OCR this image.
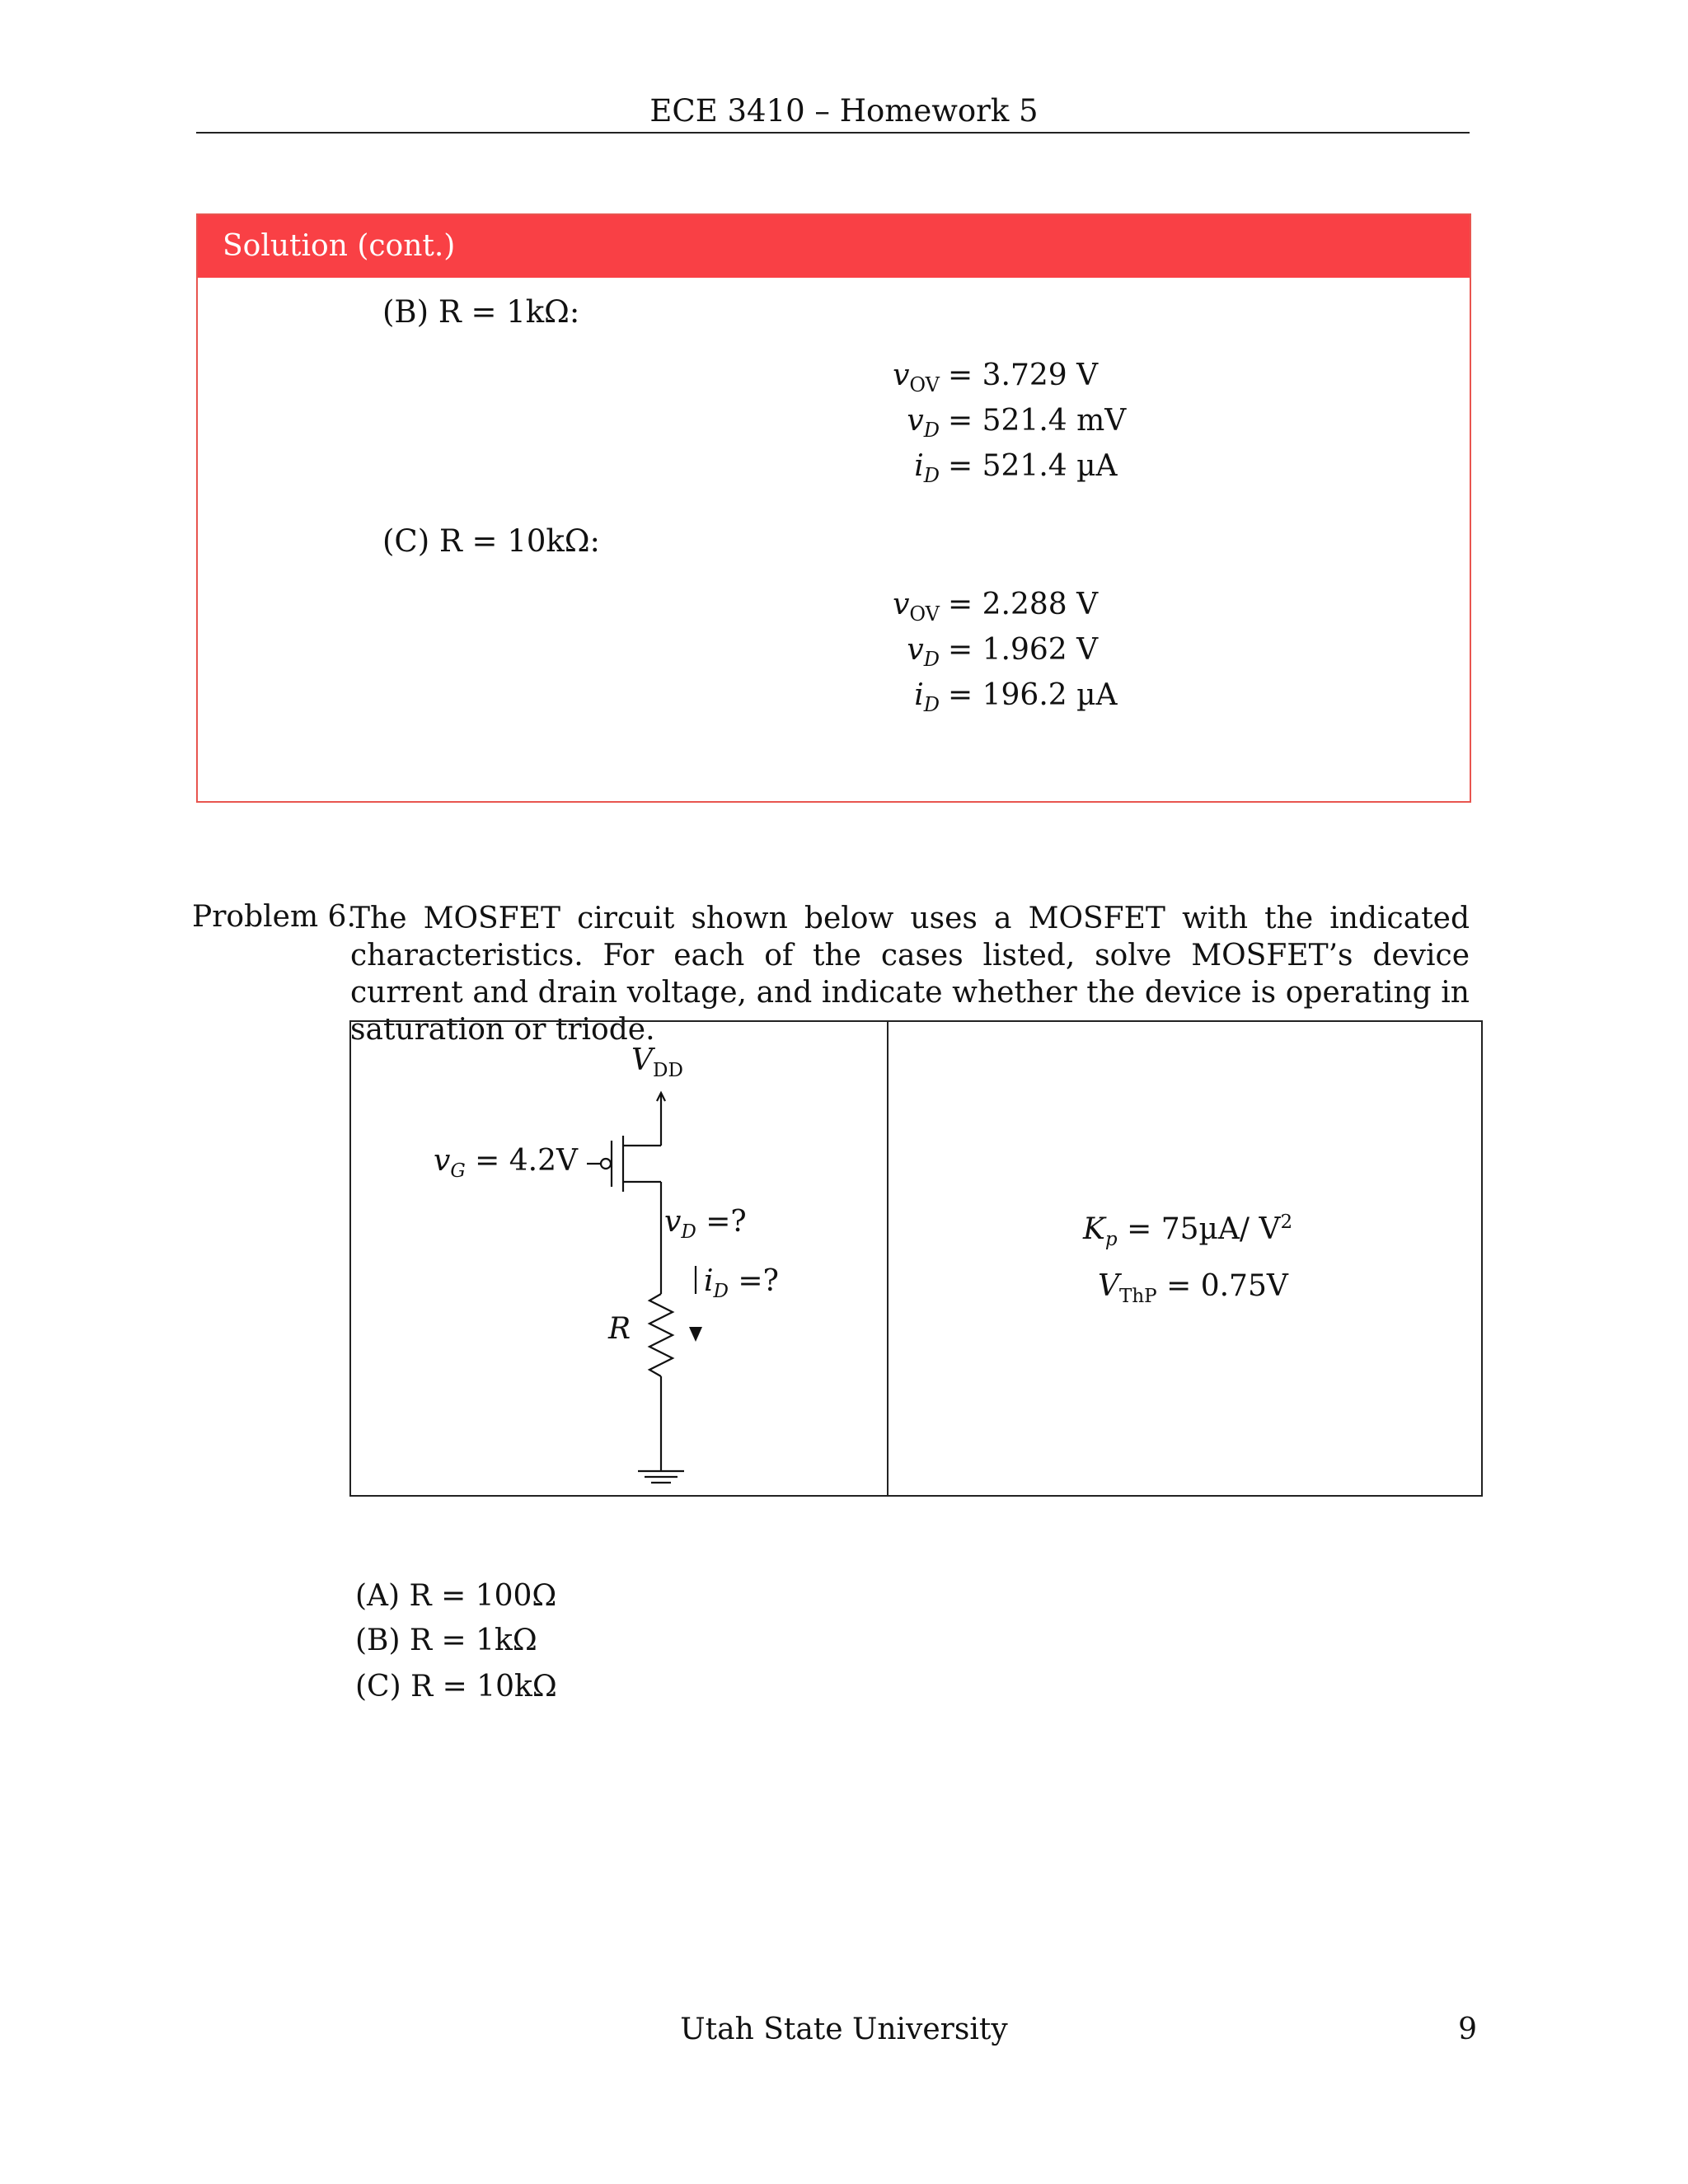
ECE 3410 – Homework 5
Solution (cont.)
(B) R = 1kΩ:
$v_{OV} = 3.729$ V
$v_D = 521.4$ mV
$i_D = 521.4$ µA
(C) R = 10kΩ:
$v_{OV} = 2.288$ V
$v_D = 1.962$ V
$i_D = 196.2$ µA
Problem 6.
The MOSFET circuit shown below uses a MOSFET with the indicated characteristics. For each of the cases listed, solve MOSFET’s device current and drain voltage, and indicate whether the device is operating in saturation or triode.
$V_{DD}$
$v_G = 4.2V$
$v_D$ =?
$i_D$ =?
R
$K_p = 75\mu A/$ $V^2$
$V_{ThP} = 0.75V$
(A) R = 100Ω
(B) R = 1kΩ
(C) R = 10kΩ
Utah State University	9
